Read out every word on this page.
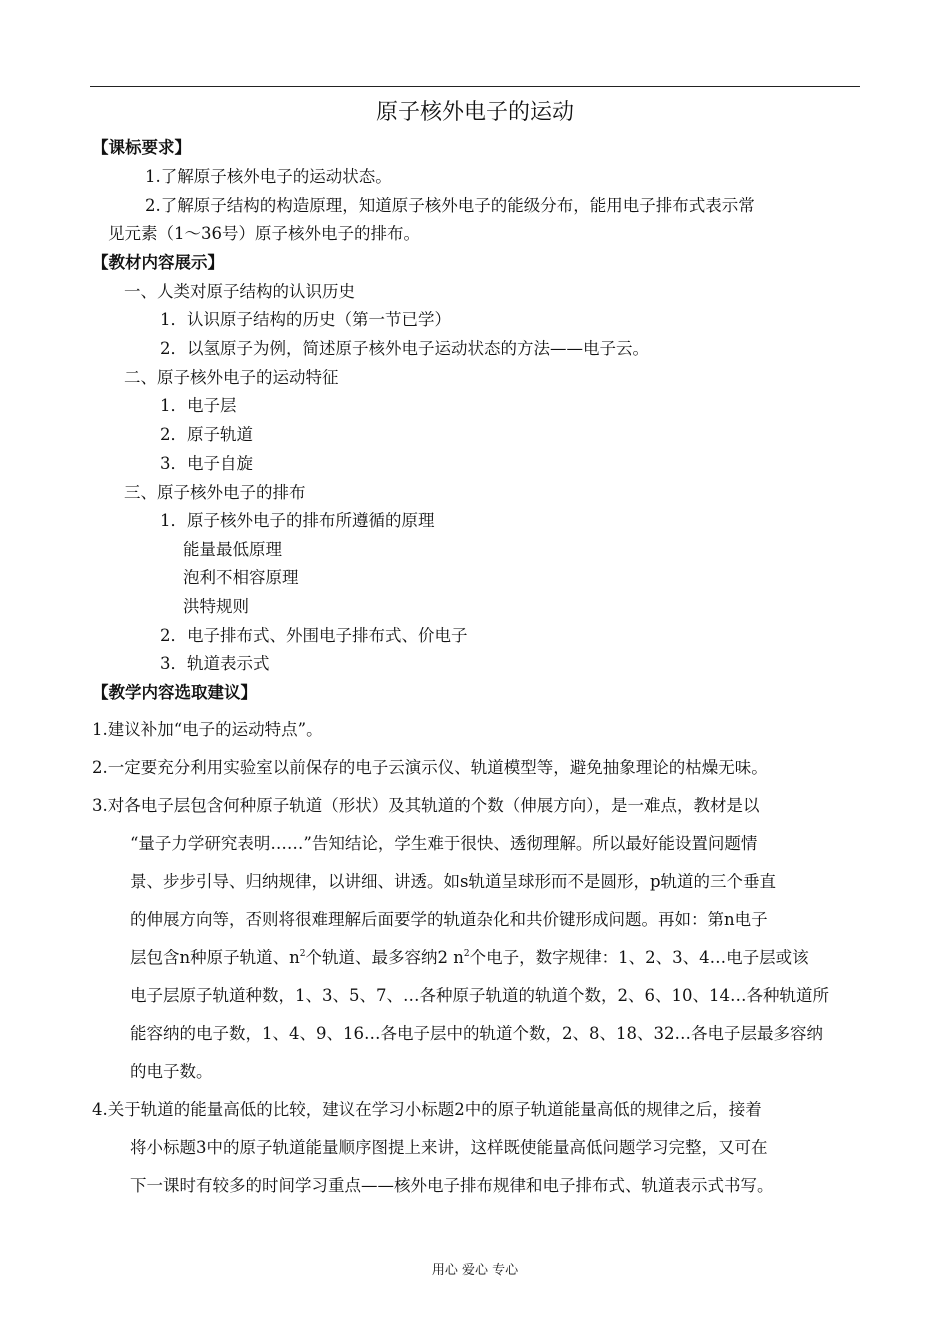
原子核外电子的运动
【课标要求】
1.了解原子核外电子的运动状态。
2.了解原子结构的构造原理，知道原子核外电子的能级分布，能用电子排布式表示常
见元素（1～36号）原子核外电子的排布。
【教材内容展示】
一、人类对原子结构的认识历史
1．认识原子结构的历史（第一节已学）
2．以氢原子为例，简述原子核外电子运动状态的方法——电子云。
二、原子核外电子的运动特征
1．电子层
2．原子轨道
3．电子自旋
三、原子核外电子的排布
1．原子核外电子的排布所遵循的原理
能量最低原理
泡利不相容原理
洪特规则
2．电子排布式、外围电子排布式、价电子
3．轨道表示式
【教学内容选取建议】
1.建议补加“电子的运动特点”。
2.一定要充分利用实验室以前保存的电子云演示仪、轨道模型等，避免抽象理论的枯燥无味。
3.对各电子层包含何种原子轨道（形状）及其轨道的个数（伸展方向），是一难点，教材是以
“量子力学研究表明……”告知结论，学生难于很快、透彻理解。所以最好能设置问题情
景、步步引导、归纳规律，以讲细、讲透。如s轨道呈球形而不是圆形，p轨道的三个垂直
的伸展方向等，否则将很难理解后面要学的轨道杂化和共价键形成问题。再如：第n电子
层包含n种原子轨道、$n^2$个轨道、最多容纳2 $n^2$个电子，数字规律：1、2、3、4…电子层或该
电子层原子轨道种数，1、3、5、7、…各种原子轨道的轨道个数，2、6、10、14…各种轨道所
能容纳的电子数，1、4、9、16…各电子层中的轨道个数，2、8、18、32…各电子层最多容纳
的电子数。
4.关于轨道的能量高低的比较，建议在学习小标题2中的原子轨道能量高低的规律之后，接着
将小标题3中的原子轨道能量顺序图提上来讲，这样既使能量高低问题学习完整，又可在
下一课时有较多的时间学习重点——核外电子排布规律和电子排布式、轨道表示式书写。
用心 爱心 专心
